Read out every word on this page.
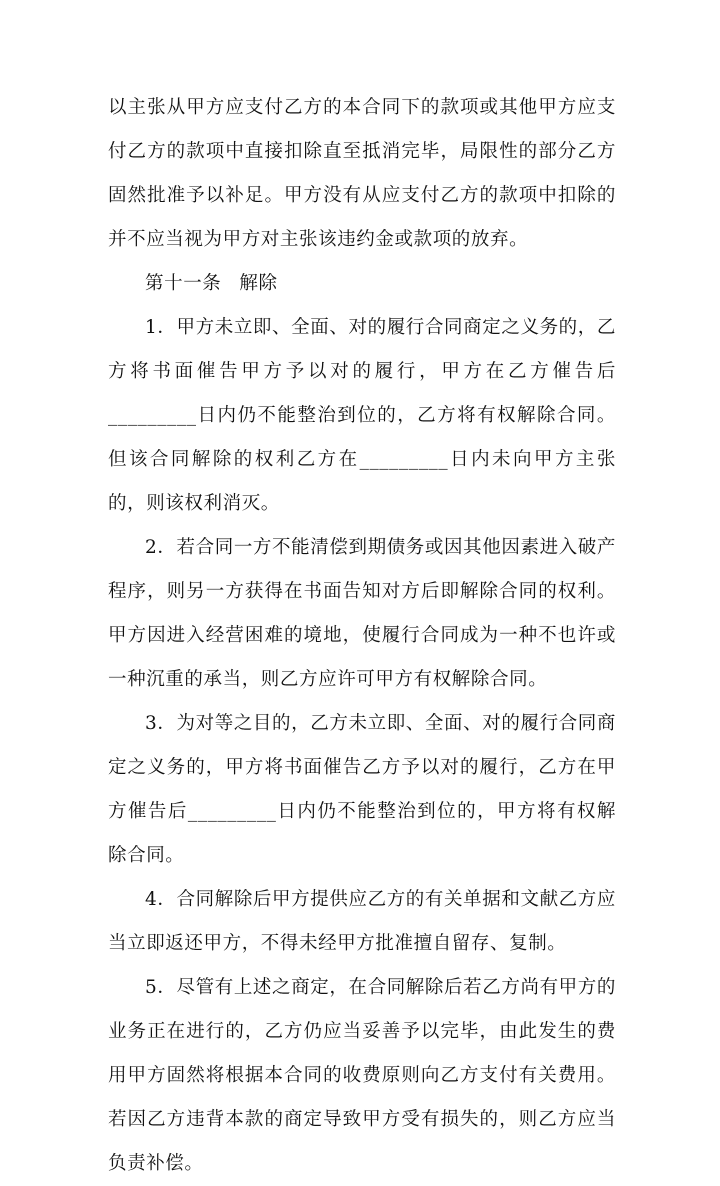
以主张从甲方应支付乙方的本合同下的款项或其他甲方应支付乙方的款项中直接扣除直至抵消完毕，局限性的部分乙方固然批准予以补足。甲方没有从应支付乙方的款项中扣除的并不应当视为甲方对主张该违约金或款项的放弃。

第十一条 解除

1．甲方未立即、全面、对的履行合同商定之义务的，乙方将书面催告甲方予以对的履行，甲方在乙方催告后_________日内仍不能整治到位的，乙方将有权解除合同。但该合同解除的权利乙方在_________日内未向甲方主张的，则该权利消灭。

2．若合同一方不能清偿到期债务或因其他因素进入破产程序，则另一方获得在书面告知对方后即解除合同的权利。甲方因进入经营困难的境地，使履行合同成为一种不也许或一种沉重的承当，则乙方应许可甲方有权解除合同。

3．为对等之目的，乙方未立即、全面、对的履行合同商定之义务的，甲方将书面催告乙方予以对的履行，乙方在甲方催告后_________日内仍不能整治到位的，甲方将有权解除合同。

4．合同解除后甲方提供应乙方的有关单据和文献乙方应当立即返还甲方，不得未经甲方批准擅自留存、复制。

5．尽管有上述之商定，在合同解除后若乙方尚有甲方的业务正在进行的，乙方仍应当妥善予以完毕，由此发生的费用甲方固然将根据本合同的收费原则向乙方支付有关费用。若因乙方违背本款的商定导致甲方受有损失的，则乙方应当负责补偿。
